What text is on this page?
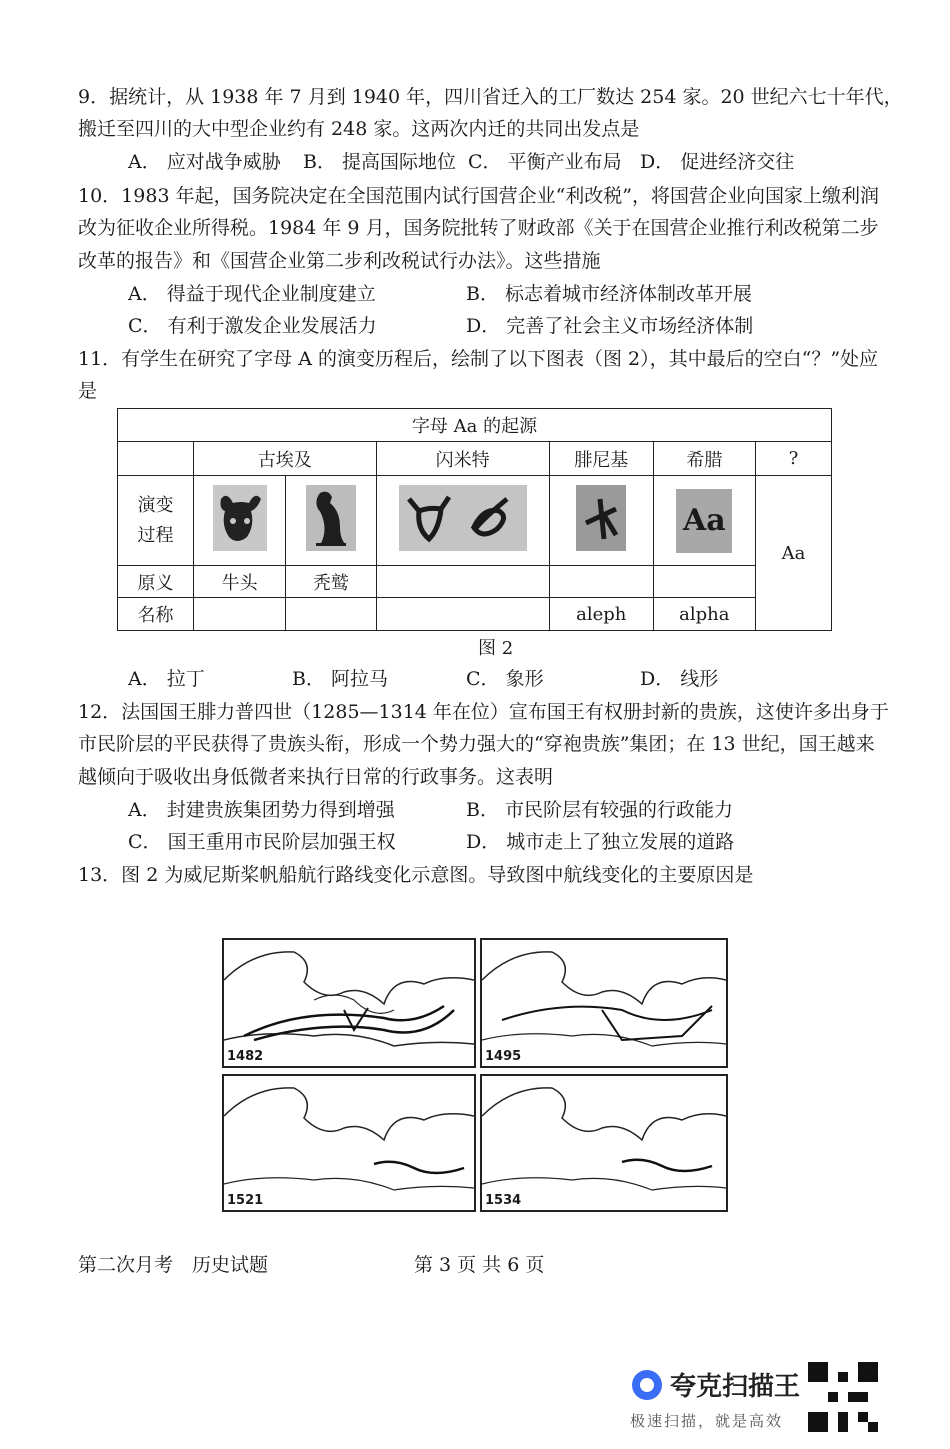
9．据统计，从 1938 年 7 月到 1940 年，四川省迁入的工厂数达 254 家。20 世纪六七十年代，
搬迁至四川的大中型企业约有 248 家。这两次内迁的共同出发点是
A． 应对战争威胁 B． 提高国际地位 C． 平衡产业布局 D． 促进经济交往
10．1983 年起，国务院决定在全国范围内试行国营企业“利改税”，将国营企业向国家上缴利润
改为征收企业所得税。1984 年 9 月，国务院批转了财政部《关于在国营企业推行利改税第二步
改革的报告》和《国营企业第二步利改税试行办法》。这些措施
A． 得益于现代企业制度建立	B． 标志着城市经济体制改革开展
C． 有利于激发企业发展活力	D． 完善了社会主义市场经济体制
11．有学生在研究了字母 A 的演变历程后，绘制了以下图表（图 2），其中最后的空白“？”处应
是
字母 Aa 的起源						
	古埃及		闪米特	腓尼基	希腊	?
演变
过程					Aa	Aa
原义	牛头	秃鹫				
名称				aleph	alpha	
图 2
A． 拉丁	B． 阿拉马	C． 象形	D． 线形
12．法国国王腓力普四世（1285—1314 年在位）宣布国王有权册封新的贵族，这使许多出身于
市民阶层的平民获得了贵族头衔，形成一个势力强大的“穿袍贵族”集团；在 13 世纪，国王越来
越倾向于吸收出身低微者来执行日常的行政事务。这表明
A． 封建贵族集团势力得到增强	B． 市民阶层有较强的行政能力
C． 国王重用市民阶层加强王权	D． 城市走上了独立发展的道路
13．图 2 为威尼斯桨帆船航行路线变化示意图。导致图中航线变化的主要原因是
1482	1495
1521	1534
第二次月考　历史试题	第 3 页 共 6 页
夸克扫描王
极速扫描，就是高效
